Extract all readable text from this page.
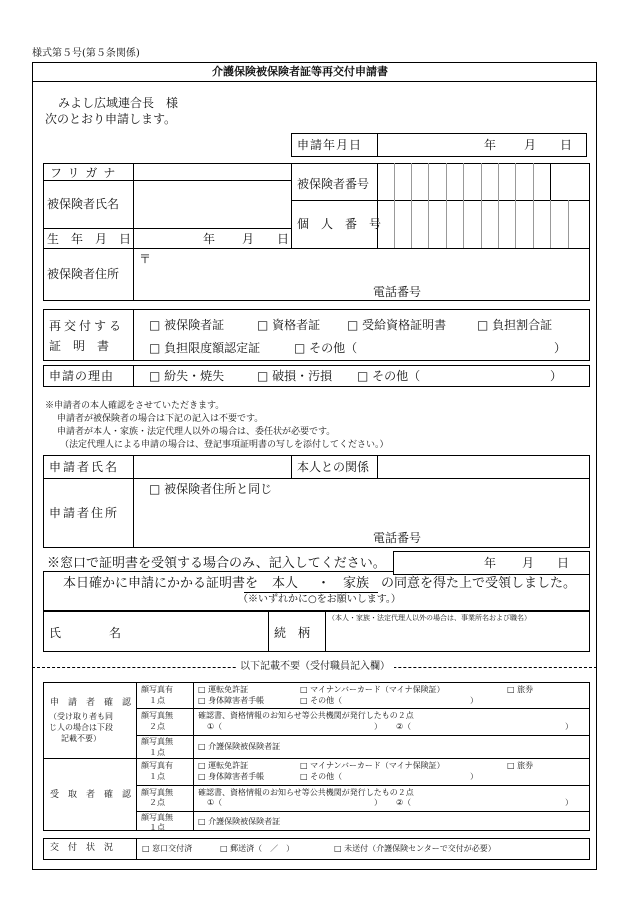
様式第５号(第５条関係)
介護保険被保険者証等再交付申請書
みよし広域連合長　様
次のとおり申請します。
申請年月日	年 月 日
フリガナ
被保険者氏名
被保険者番号
個　人　番　号
生　年　月　日	年 月 日
被保険者住所
〒
電話番号
再交付する
証　明　書
□ 被保険者証	□ 資格者証 □ 受給資格証明書	□ 負担割合証
□ 負担限度額認定証	□ その他（	）
申請の理由	□ 紛失・焼失	□ 破損・汚損 □ その他（	）
※申請者の本人確認をさせていただきます。
申請者が被保険者の場合は下記の記入は不要です。
申請者が本人・家族・法定代理人以外の場合は、委任状が必要です。
（法定代理人による申請の場合は、登記事項証明書の写しを添付してください。）
申請者氏名	本人との関係
申請者住所
□ 被保険者住所と同じ
電話番号
※窓口で証明書を受領する場合のみ、記入してください。	年 月 日
本日確かに申請にかかる証明書を 本人 ・ 家族 の同意を得た上で受領しました。
（※いずれかに○をお願いします。）
氏　　　　名	続　柄
（本人・家族・法定代理人以外の場合は、事業所名および職名）
以下記載不要（受付職員記入欄）
申　請　者　確　認
（受け取り者も同
じ人の場合は下段
記載不要）
受　取　者　確　認
顔写真有
１点
□ 運転免許証	□ マイナンバーカード（マイナ保険証）	□ 旅券
□ 身体障害者手帳	□ その他（	）
顔写真無
２点
確認書、資格情報のお知らせ等公共機関が発行したもの２点
①（	） ②（	）
顔写真無
１点
□ 介護保険被保険者証
顔写真有
１点
□ 運転免許証	□ マイナンバーカード（マイナ保険証）	□ 旅券
□ 身体障害者手帳	□ その他（	）
顔写真無
２点
確認書、資格情報のお知らせ等公共機関が発行したもの２点
①（	） ②（	）
顔写真無
１点
□ 介護保険被保険者証
交　付　状　況	□ 窓口交付済	□ 郵送済（　／　）	□ 未送付（介護保険センターで交付が必要）
